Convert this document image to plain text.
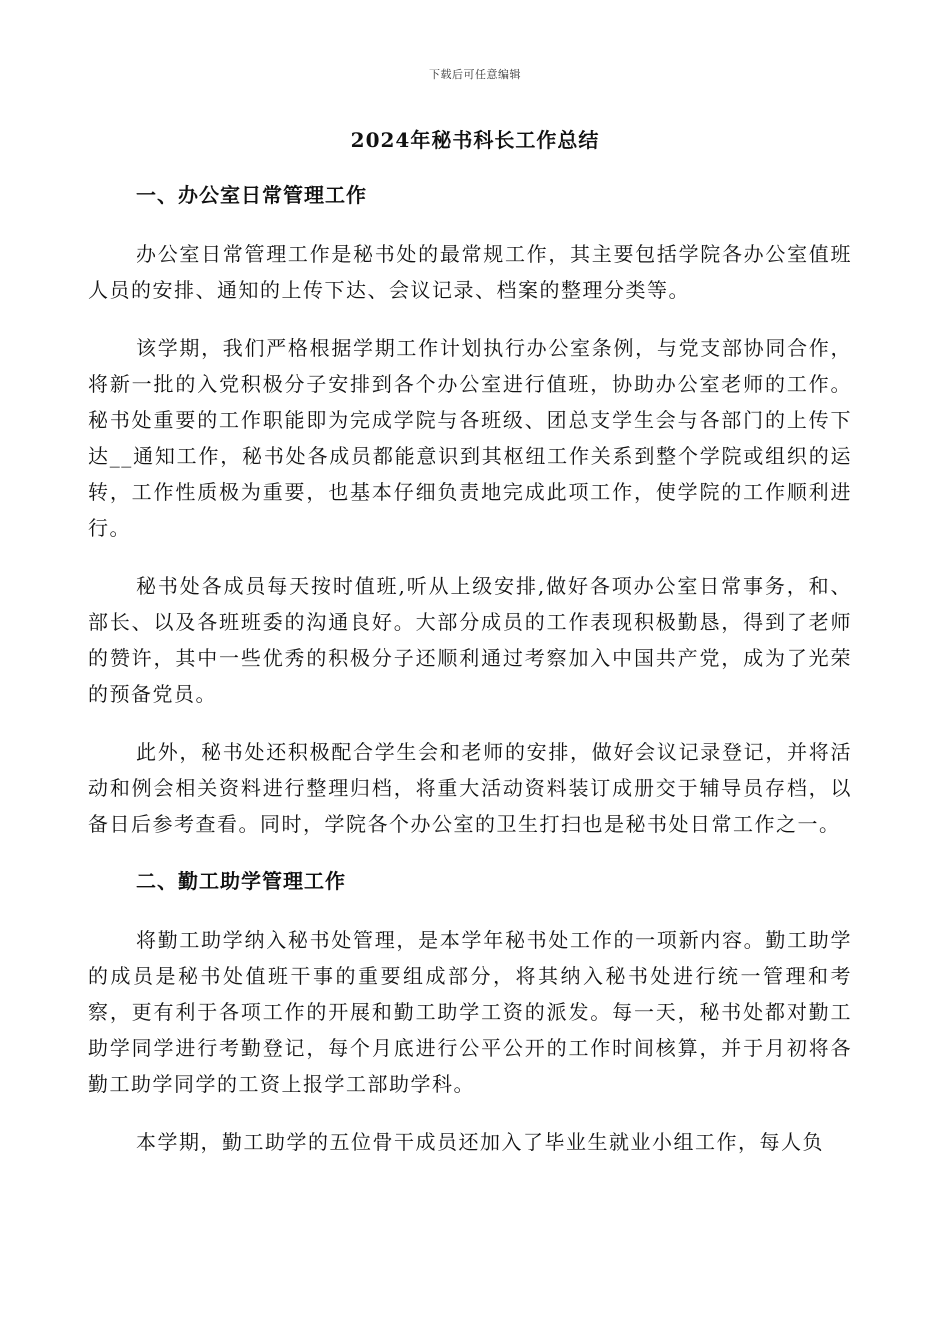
下载后可任意编辑
2024年秘书科长工作总结
一、办公室日常管理工作

办公室日常管理工作是秘书处的最常规工作，其主要包括学院各办公室值班人员的安排、通知的上传下达、会议记录、档案的整理分类等。

该学期，我们严格根据学期工作计划执行办公室条例，与党支部协同合作，将新一批的入党积极分子安排到各个办公室进行值班，协助办公室老师的工作。秘书处重要的工作职能即为完成学院与各班级、团总支学生会与各部门的上传下达__通知工作，秘书处各成员都能意识到其枢纽工作关系到整个学院或组织的运转，工作性质极为重要，也基本仔细负责地完成此项工作，使学院的工作顺利进行。

秘书处各成员每天按时值班,听从上级安排,做好各项办公室日常事务，和、部长、以及各班班委的沟通良好。大部分成员的工作表现积极勤恳，得到了老师的赞许，其中一些优秀的积极分子还顺利通过考察加入中国共产党，成为了光荣的预备党员。

此外，秘书处还积极配合学生会和老师的安排，做好会议记录登记，并将活动和例会相关资料进行整理归档，将重大活动资料装订成册交于辅导员存档，以备日后参考查看。同时，学院各个办公室的卫生打扫也是秘书处日常工作之一。

二、勤工助学管理工作

将勤工助学纳入秘书处管理，是本学年秘书处工作的一项新内容。勤工助学的成员是秘书处值班干事的重要组成部分，将其纳入秘书处进行统一管理和考察，更有利于各项工作的开展和勤工助学工资的派发。每一天，秘书处都对勤工助学同学进行考勤登记，每个月底进行公平公开的工作时间核算，并于月初将各勤工助学同学的工资上报学工部助学科。

本学期，勤工助学的五位骨干成员还加入了毕业生就业小组工作，每人负
